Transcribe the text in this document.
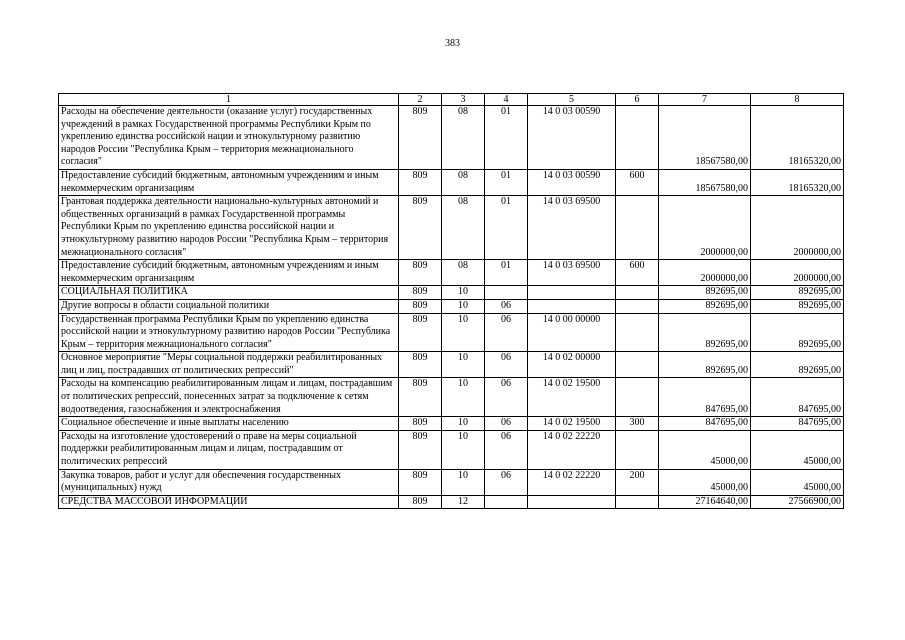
383
1	2	3	4	5	6	7	8
Расходы на обеспечение деятельности (оказание услуг) государственных учреждений в рамках Государственной программы Республики Крым по укреплению единства российской нации и этнокультурному развитию народов России "Республика Крым – территория межнационального согласия"	809	08	01	14 0 03 00590		18567580,00	18165320,00
Предоставление субсидий бюджетным, автономным учреждениям и иным некоммерческим организациям	809	08	01	14 0 03 00590	600	18567580,00	18165320,00
Грантовая поддержка деятельности национально-культурных автономий и общественных организаций в рамках Государственной программы Республики Крым по укреплению единства российской нации и этнокультурному развитию народов России "Республика Крым – территория межнационального согласия"	809	08	01	14 0 03 69500		2000000,00	2000000,00
Предоставление субсидий бюджетным, автономным учреждениям и иным некоммерческим организациям	809	08	01	14 0 03 69500	600	2000000,00	2000000,00
СОЦИАЛЬНАЯ ПОЛИТИКА	809	10				892695,00	892695,00
Другие вопросы в области социальной политики	809	10	06			892695,00	892695,00
Государственная программа Республики Крым по укреплению единства российской нации и этнокультурному развитию народов России "Республика Крым – территория межнационального согласия"	809	10	06	14 0 00 00000		892695,00	892695,00
Основное мероприятие "Меры социальной поддержки реабилитированных лиц и лиц, пострадавших от политических репрессий"	809	10	06	14 0 02 00000		892695,00	892695,00
Расходы на компенсацию реабилитированным лицам и лицам, пострадавшим от политических репрессий, понесенных затрат за подключение к сетям водоотведения, газоснабжения и электроснабжения	809	10	06	14 0 02 19500		847695,00	847695,00
Социальное обеспечение и иные выплаты населению	809	10	06	14 0 02 19500	300	847695,00	847695,00
Расходы на изготовление удостоверений о праве на меры социальной поддержки реабилитированным лицам и лицам, пострадавшим от политических репрессий	809	10	06	14 0 02 22220		45000,00	45000,00
Закупка товаров, работ и услуг для обеспечения государственных (муниципальных) нужд	809	10	06	14 0 02 22220	200	45000,00	45000,00
СРЕДСТВА МАССОВОЙ ИНФОРМАЦИИ	809	12				27164640,00	27566900,00
